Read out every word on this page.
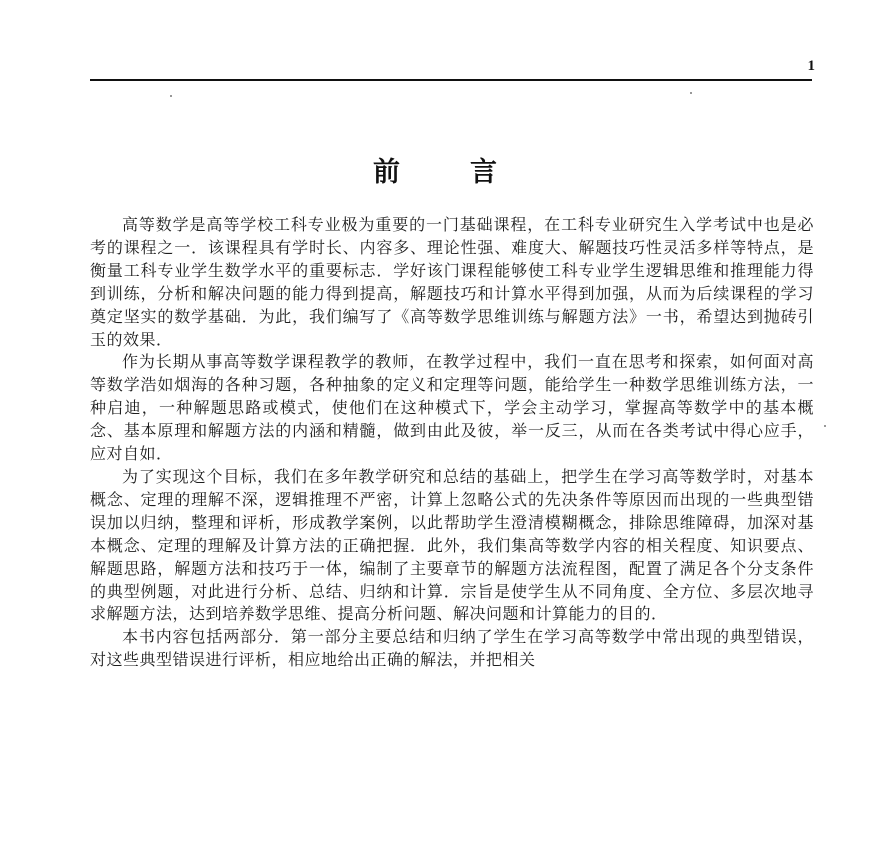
1
前言

高等数学是高等学校工科专业极为重要的一门基础课程，在工科专业研究生入学考试中也是必考的课程之一．该课程具有学时长、内容多、理论性强、难度大、解题技巧性灵活多样等特点，是衡量工科专业学生数学水平的重要标志．学好该门课程能够使工科专业学生逻辑思维和推理能力得到训练，分析和解决问题的能力得到提高，解题技巧和计算水平得到加强，从而为后续课程的学习奠定坚实的数学基础．为此，我们编写了《高等数学思维训练与解题方法》一书，希望达到抛砖引玉的效果．

作为长期从事高等数学课程教学的教师，在教学过程中，我们一直在思考和探索，如何面对高等数学浩如烟海的各种习题，各种抽象的定义和定理等问题，能给学生一种数学思维训练方法，一种启迪，一种解题思路或模式，使他们在这种模式下，学会主动学习，掌握高等数学中的基本概念、基本原理和解题方法的内涵和精髓，做到由此及彼，举一反三，从而在各类考试中得心应手，应对自如．

为了实现这个目标，我们在多年教学研究和总结的基础上，把学生在学习高等数学时，对基本概念、定理的理解不深，逻辑推理不严密，计算上忽略公式的先决条件等原因而出现的一些典型错误加以归纳，整理和评析，形成教学案例，以此帮助学生澄清模糊概念，排除思维障碍，加深对基本概念、定理的理解及计算方法的正确把握．此外，我们集高等数学内容的相关程度、知识要点、解题思路，解题方法和技巧于一体，编制了主要章节的解题方法流程图，配置了满足各个分支条件的典型例题，对此进行分析、总结、归纳和计算．宗旨是使学生从不同角度、全方位、多层次地寻求解题方法，达到培养数学思维、提高分析问题、解决问题和计算能力的目的．

本书内容包括两部分．第一部分主要总结和归纳了学生在学习高等数学中常出现的典型错误，对这些典型错误进行评析，相应地给出正确的解法，并把相关
